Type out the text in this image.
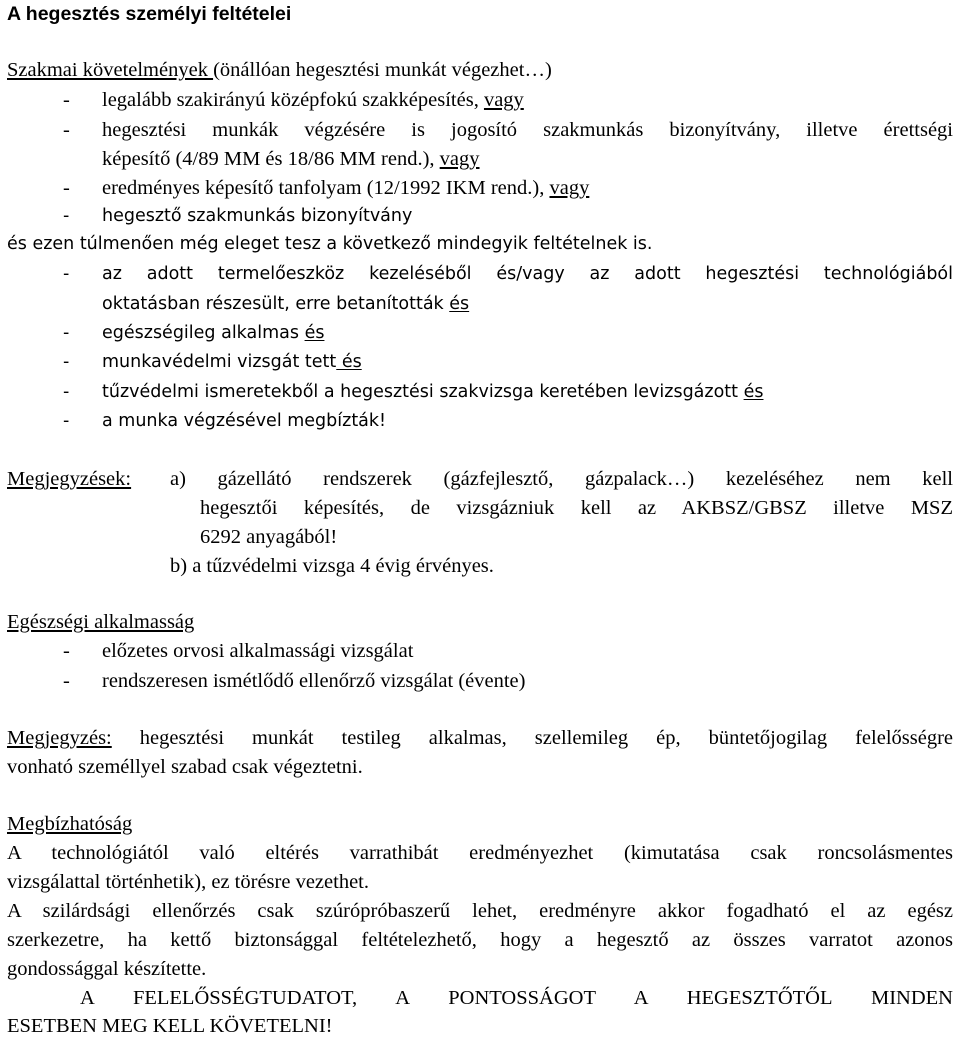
A hegesztés személyi feltételei
Szakmai követelmények (önállóan hegesztési munkát végezhet…)
- legalább szakirányú középfokú szakképesítés, vagy
- hegesztési munkák végzésére is jogosító szakmunkás bizonyítvány, illetve érettségi
képesítő (4/89 MM és 18/86 MM rend.), vagy
- eredményes képesítő tanfolyam (12/1992 IKM rend.), vagy
- hegesztő szakmunkás bizonyítvány
és ezen túlmenően még eleget tesz a következő mindegyik feltételnek is.
- az adott termelőeszköz kezeléséből és/vagy az adott hegesztési technológiából
oktatásban részesült, erre betanították és
- egészségileg alkalmas és
- munkavédelmi vizsgát tett és
- tűzvédelmi ismeretekből a hegesztési szakvizsga keretében levizsgázott és
- a munka végzésével megbízták!
Megjegyzések: a) gázellátó rendszerek (gázfejlesztő, gázpalack…) kezeléséhez nem kell
hegesztői képesítés, de vizsgázniuk kell az AKBSZ/GBSZ illetve MSZ
6292 anyagából!
b) a tűzvédelmi vizsga 4 évig érvényes.
Egészségi alkalmasság
- előzetes orvosi alkalmassági vizsgálat
- rendszeresen ismétlődő ellenőrző vizsgálat (évente)
Megjegyzés: hegesztési munkát testileg alkalmas, szellemileg ép, büntetőjogilag felelősségre
vonható személlyel szabad csak végeztetni.
Megbízhatóság
A technológiától való eltérés varrathibát eredményezhet (kimutatása csak roncsolásmentes
vizsgálattal történhetik), ez törésre vezethet.
A szilárdsági ellenőrzés csak szúrópróbaszerű lehet, eredményre akkor fogadható el az egész
szerkezetre, ha kettő biztonsággal feltételezhető, hogy a hegesztő az összes varratot azonos
gondossággal készítette.
A FELELŐSSÉGTUDATOT, A PONTOSSÁGOT A HEGESZTŐTŐL MINDEN
ESETBEN MEG KELL KÖVETELNI!
